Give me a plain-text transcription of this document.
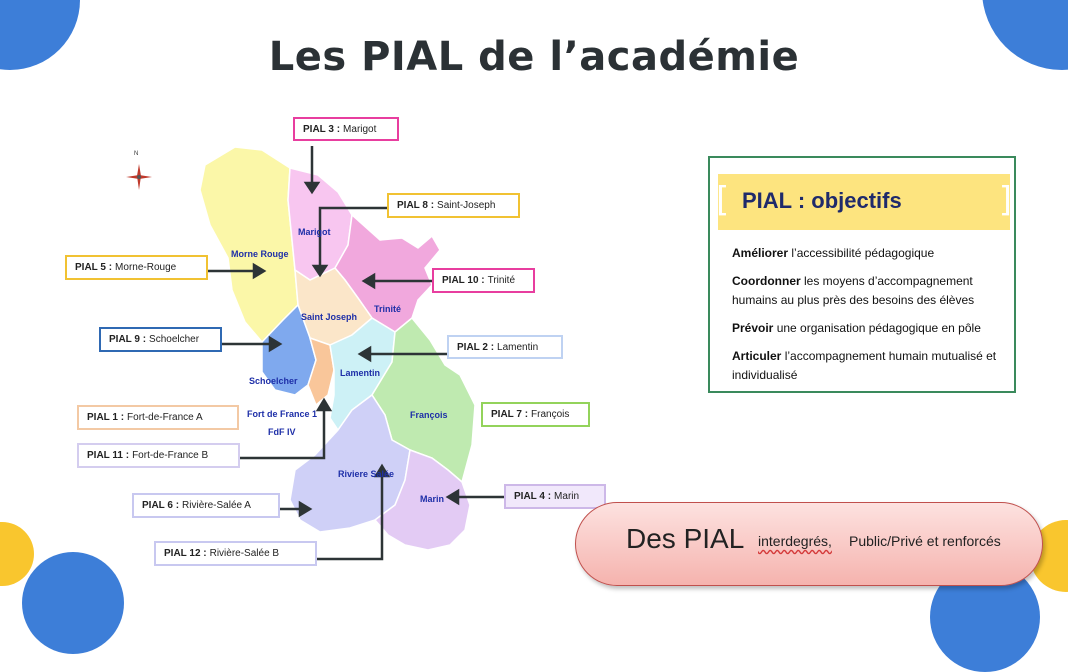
Les PIAL de l’académie
N
Morne Rouge
Marigot
Saint Joseph
Trinité
Schoelcher
Lamentin
Fort de France 1
FdF IV
François
Riviere Salée
Marin
PIAL 3 : Marigot
PIAL 8 : Saint-Joseph
PIAL 5 : Morne-Rouge
PIAL 10 : Trinité
PIAL 9 : Schoelcher
PIAL 2 : Lamentin
PIAL 1 : Fort-de-France A	PIAL 7 : François
PIAL 11 : Fort-de-France B
PIAL 4 : Marin
PIAL 6 : Rivière-Salée A
PIAL 12 : Rivière-Salée B
[ PIAL : objectifs	]

Améliorer l’accessibilité pédagogique

Coordonner les moyens d’accompagnement humains au plus près des besoins des élèves

Prévoir une organisation pédagogique en pôle

Articuler l’accompagnement humain mutualisé et individualisé

Des PIAL interdegrés, Public/Privé et renforcés
